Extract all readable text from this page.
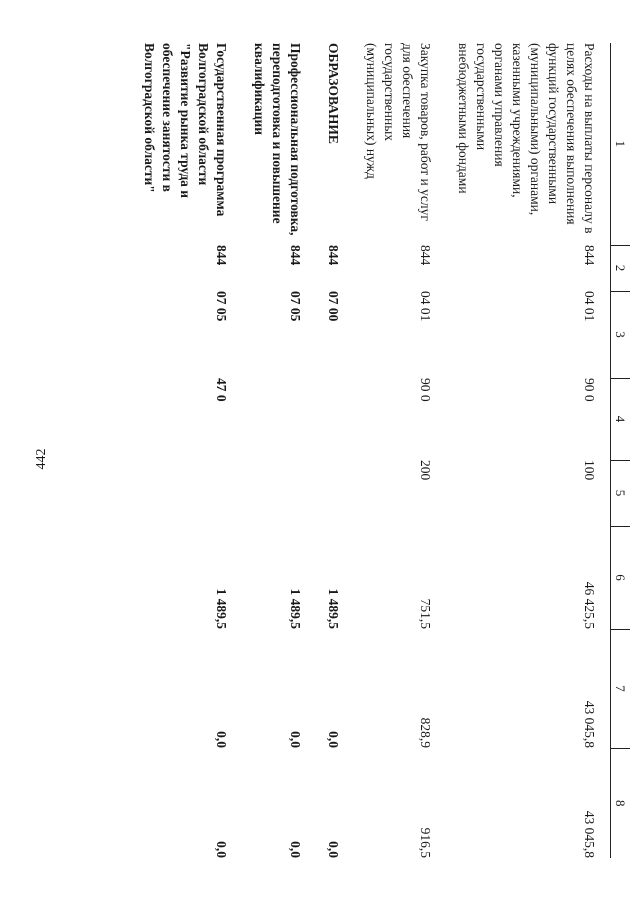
442
1	2	3	4	5	6	7	8
Расходы на выплаты персоналу в целях обеспечения выполнения функций государственными (муниципальными) органами, казенными учреждениями, органами управления государственными внебюджетными фондами	844	04 01	90 0	100	46 425,5	43 045,8	43 045,8
Закупка товаров, работ и услуг для обеспечения государственных (муниципальных) нужд	844	04 01	90 0	200	751,5	828,9	916,5
ОБРАЗОВАНИЕ	844	07 00			1 489,5	0,0	0,0
Профессиональная подготовка, переподготовка и повышение квалификации	844	07 05			1 489,5	0,0	0,0
Государственная программа Волгоградской области "Развитие рынка труда и обеспечение занятости в Волгоградской области"	844	07 05	47 0		1 489,5	0,0	0,0
